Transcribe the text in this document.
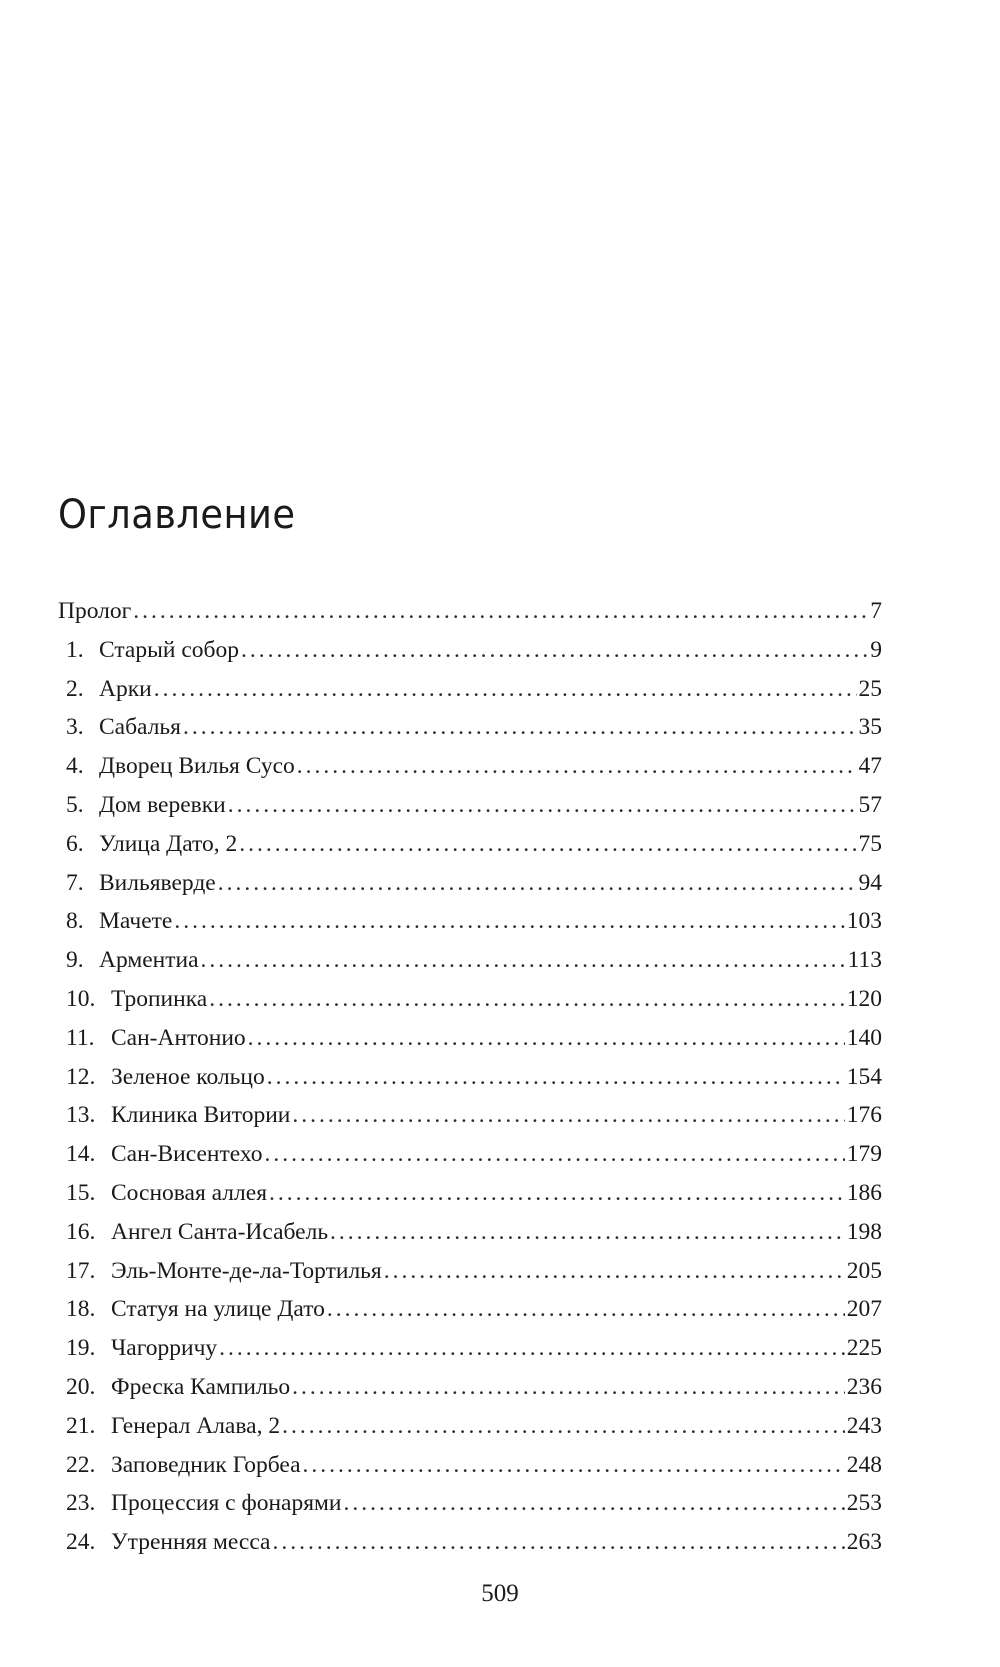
Оглавление
Пролог .....	7
1. Старый собор .....	9
2. Арки .....	25
3. Сабалья .....	35
4. Дворец Вилья Сусо .....	47
5. Дом веревки .....	57
6. Улица Дато, 2 .....	75
7. Вильяверде .....	94
8. Мачете .....	103
9. Арментиа .....	113
10. Тропинка .....	120
11. Сан-Антонио .....	140
12. Зеленое кольцо .....	154
13. Клиника Витории .....	176
14. Сан-Висентехо .....	179
15. Сосновая аллея .....	186
16. Ангел Санта-Исабель .....	198
17. Эль-Монте-де-ла-Тортилья .....	205
18. Статуя на улице Дато .....	207
19. Чагорричу .....	225
20. Фреска Кампильо .....	236
21. Генерал Алава, 2 .....	243
22. Заповедник Горбеа .....	248
23. Процессия с фонарями .....	253
24. Утренняя месса .....	263
509
